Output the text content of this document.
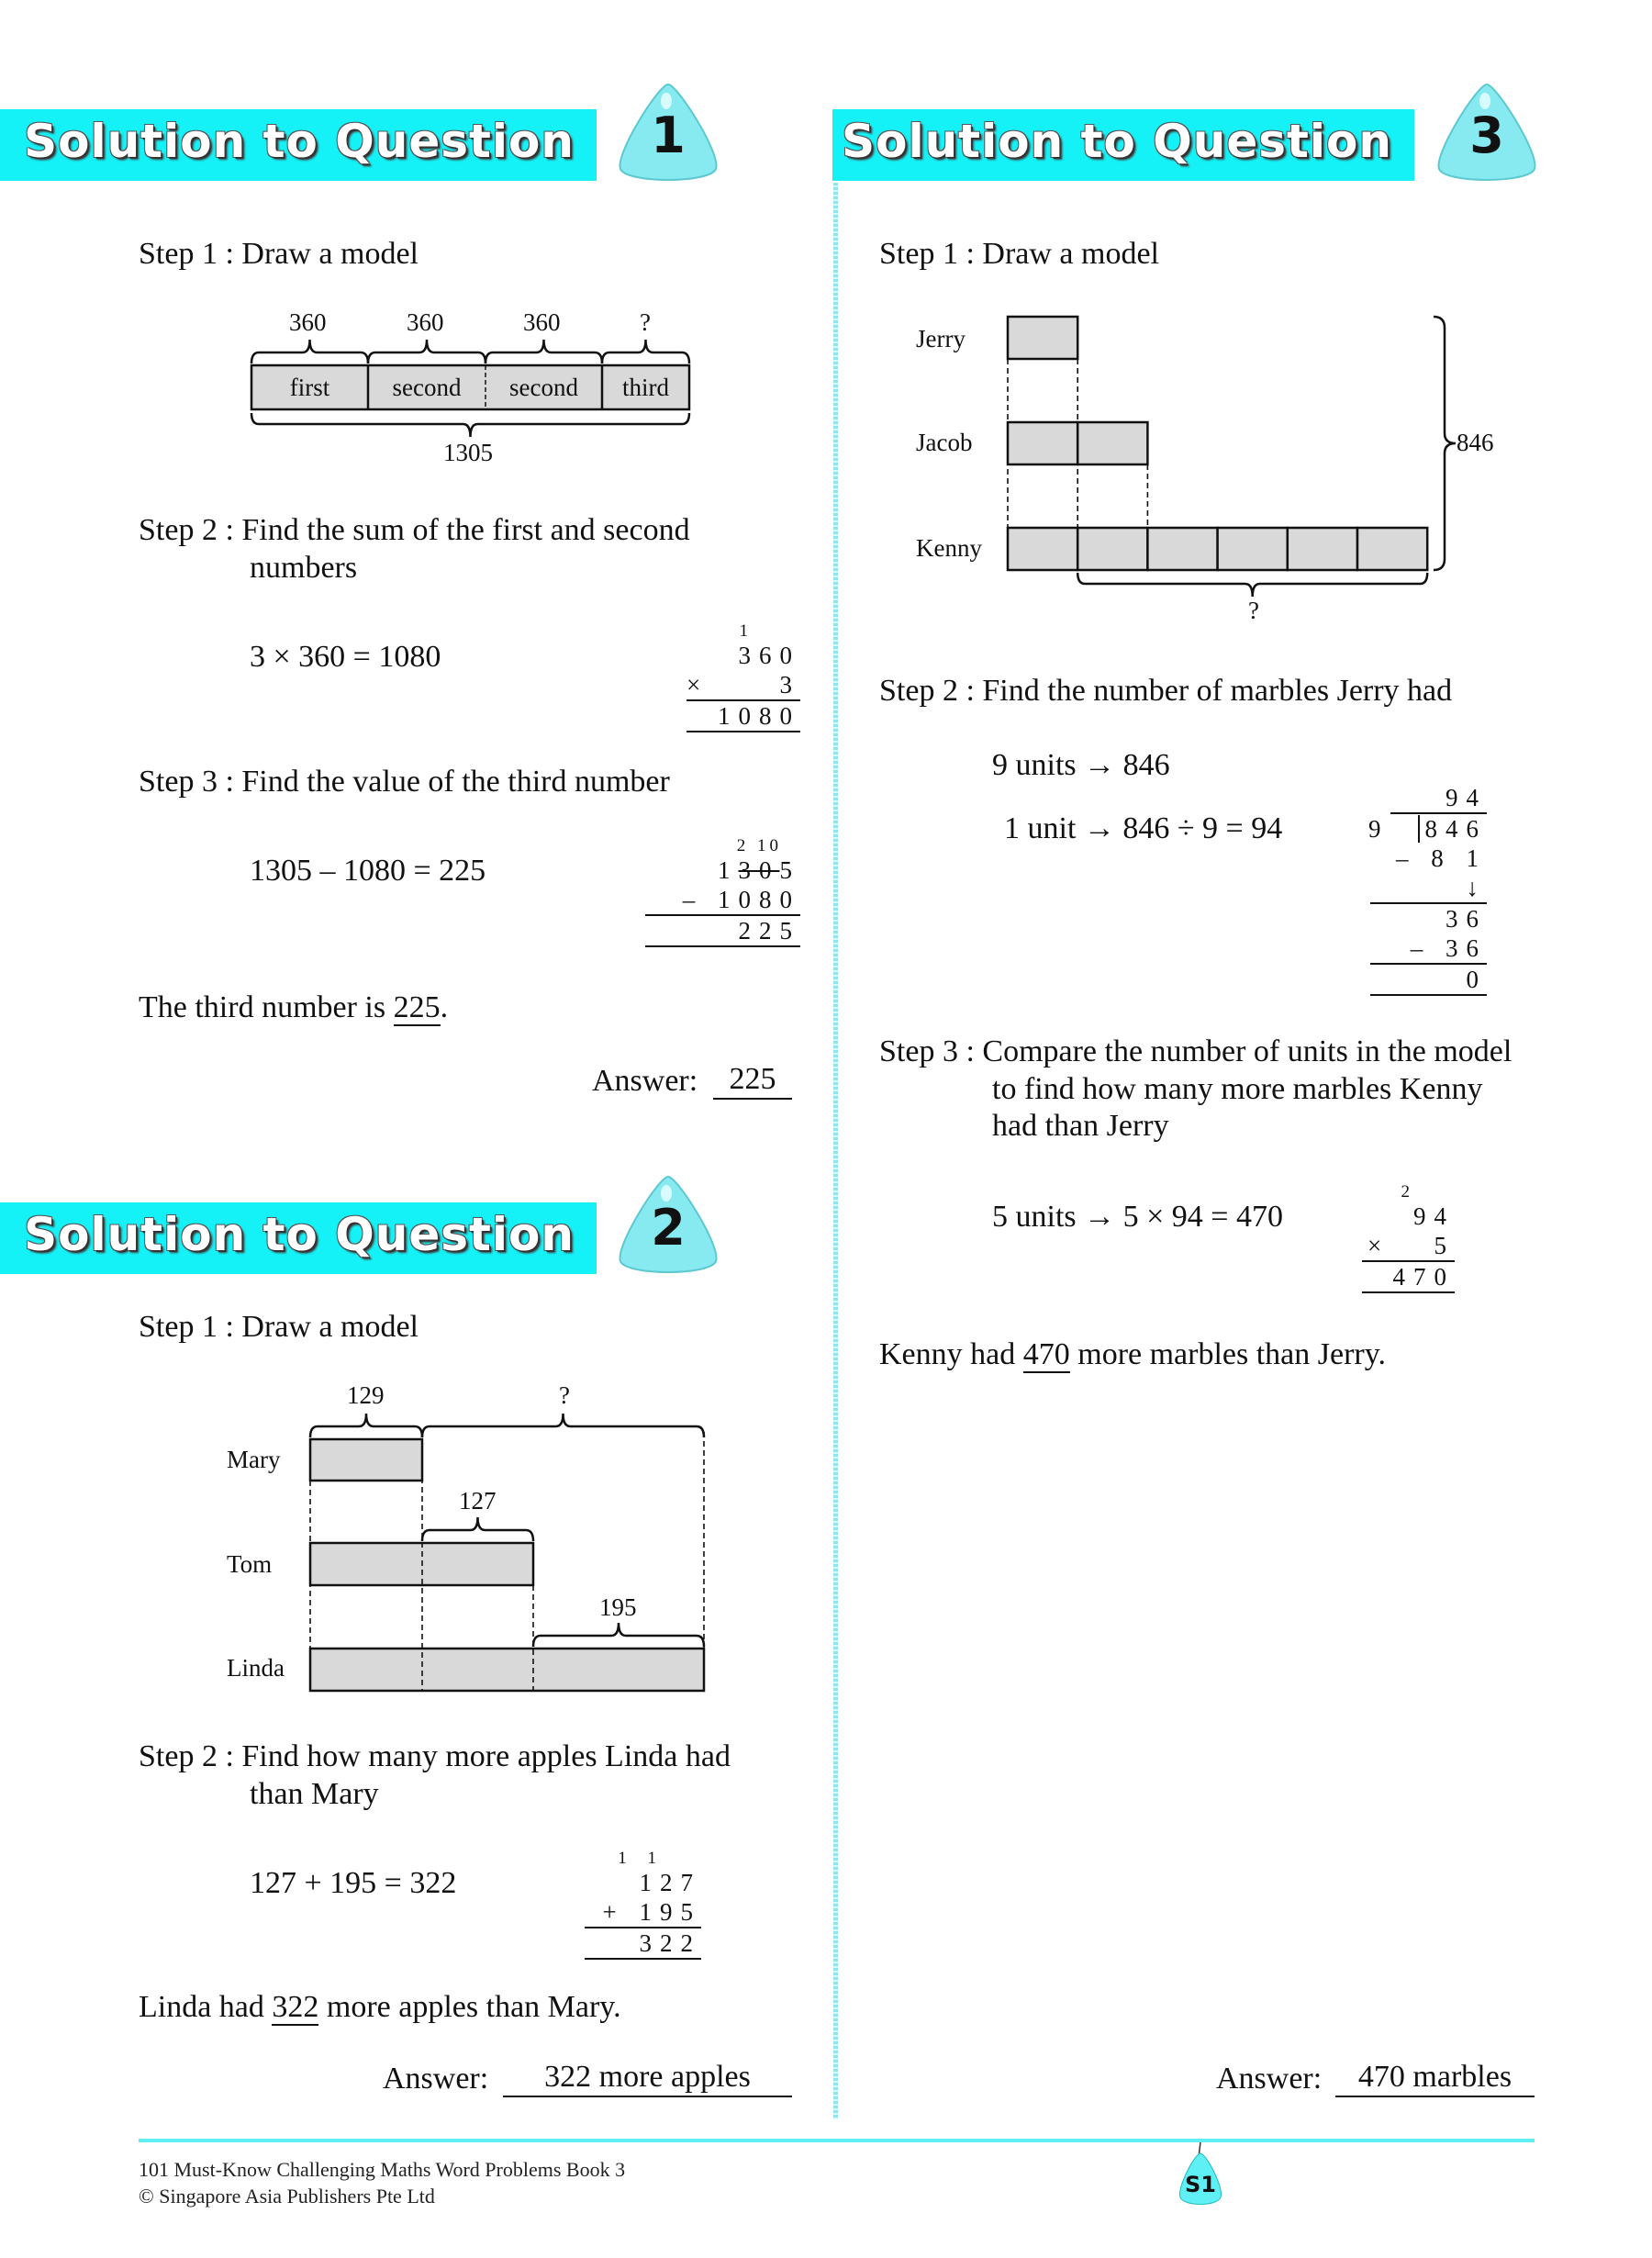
Solution to Question	1	Solution to Question	3
Solution to Question	2
Step 1 : Draw a model
360	360	360	?
first	second	second	third
1305
Step 2 : Find the sum of the first and second
numbers
3 × 360 = 1080
1
360
×	3
1080
Step 3 : Find the value of the third number
1305 – 1080 = 225
2 10
1305
– 1080
225
The third number is 225.
Answer:	225
Step 1 : Draw a model
129	?
127
195
Mary
Tom
Linda
Step 2 : Find how many more apples Linda had
than Mary
127 + 195 = 322
1 1
127
+ 195
322
Linda had 322 more apples than Mary.
Answer:	322 more apples
Step 1 : Draw a model
Jerry
Jacob
Kenny
846
?
Step 2 : Find the number of marbles Jerry had
9 units → 846
1 unit → 846 ÷ 9 = 94
94
9 846
– 8 1 ↓
36
– 36
0
Step 3 : Compare the number of units in the model
to find how many more marbles Kenny
had than Jerry
5 units → 5 × 94 = 470
2
94
× 5
470
Kenny had 470 more marbles than Jerry.
Answer:	470 marbles
101 Must-Know Challenging Maths Word Problems Book 3
© Singapore Asia Publishers Pte Ltd	S1
